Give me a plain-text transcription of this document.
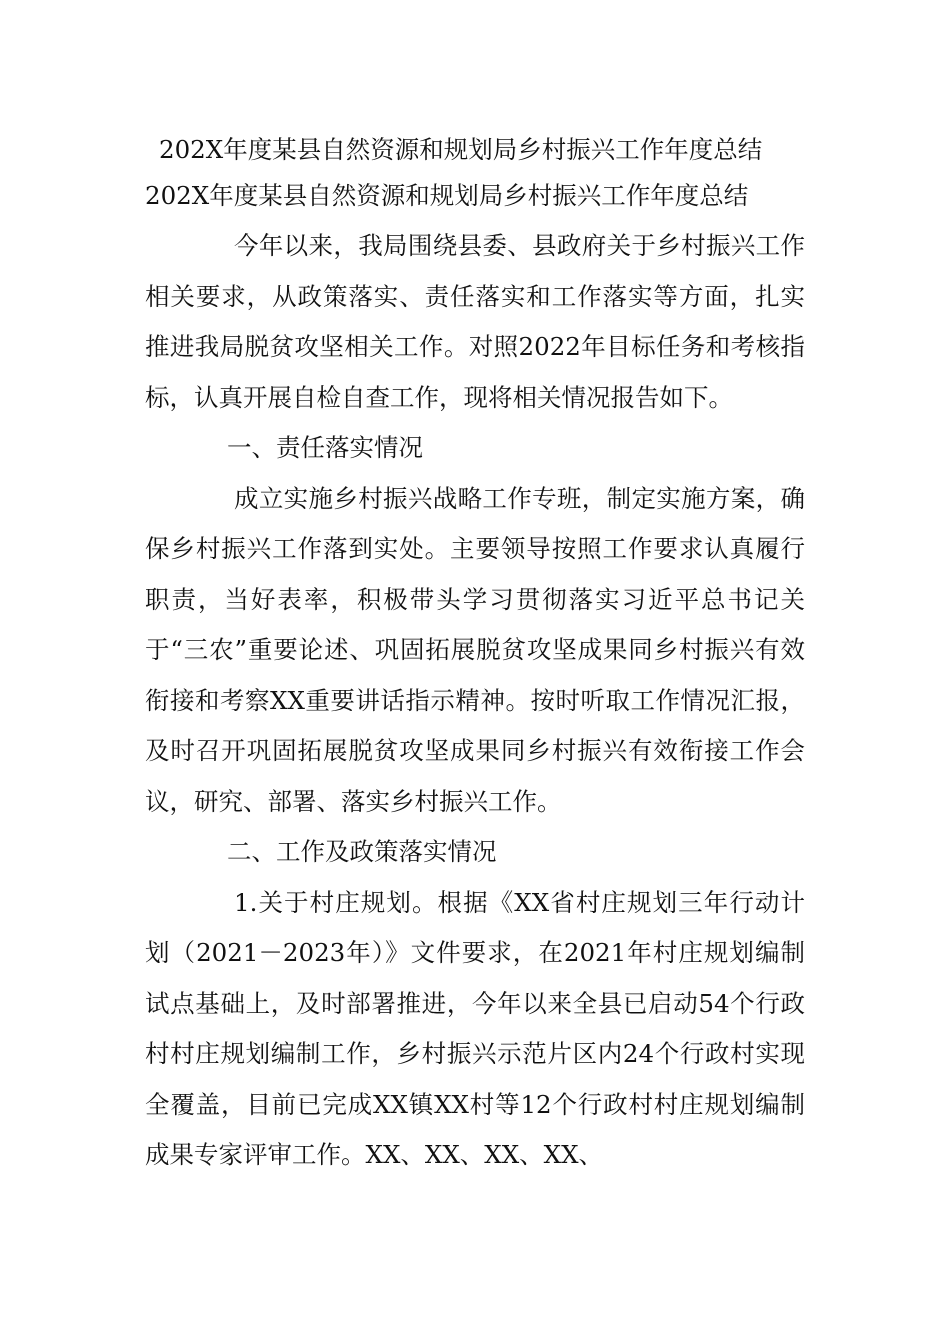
202X年度某县自然资源和规划局乡村振兴工作年度总结
202X年度某县自然资源和规划局乡村振兴工作年度总结

今年以来，我局围绕县委、县政府关于乡村振兴工作相关要求，从政策落实、责任落实和工作落实等方面，扎实推进我局脱贫攻坚相关工作。对照2022年目标任务和考核指标，认真开展自检自查工作，现将相关情况报告如下。

一、责任落实情况

成立实施乡村振兴战略工作专班，制定实施方案，确保乡村振兴工作落到实处。主要领导按照工作要求认真履行职责，当好表率，积极带头学习贯彻落实习近平总书记关于“三农”重要论述、巩固拓展脱贫攻坚成果同乡村振兴有效衔接和考察XX重要讲话指示精神。按时听取工作情况汇报，及时召开巩固拓展脱贫攻坚成果同乡村振兴有效衔接工作会议，研究、部署、落实乡村振兴工作。

二、工作及政策落实情况

1.关于村庄规划。根据《XX省村庄规划三年行动计划（2021－2023年）》文件要求，在2021年村庄规划编制试点基础上，及时部署推进，今年以来全县已启动54个行政村村庄规划编制工作，乡村振兴示范片区内24个行政村实现全覆盖，目前已完成XX镇XX村等12个行政村村庄规划编制成果专家评审工作。XX、XX、XX、XX、
